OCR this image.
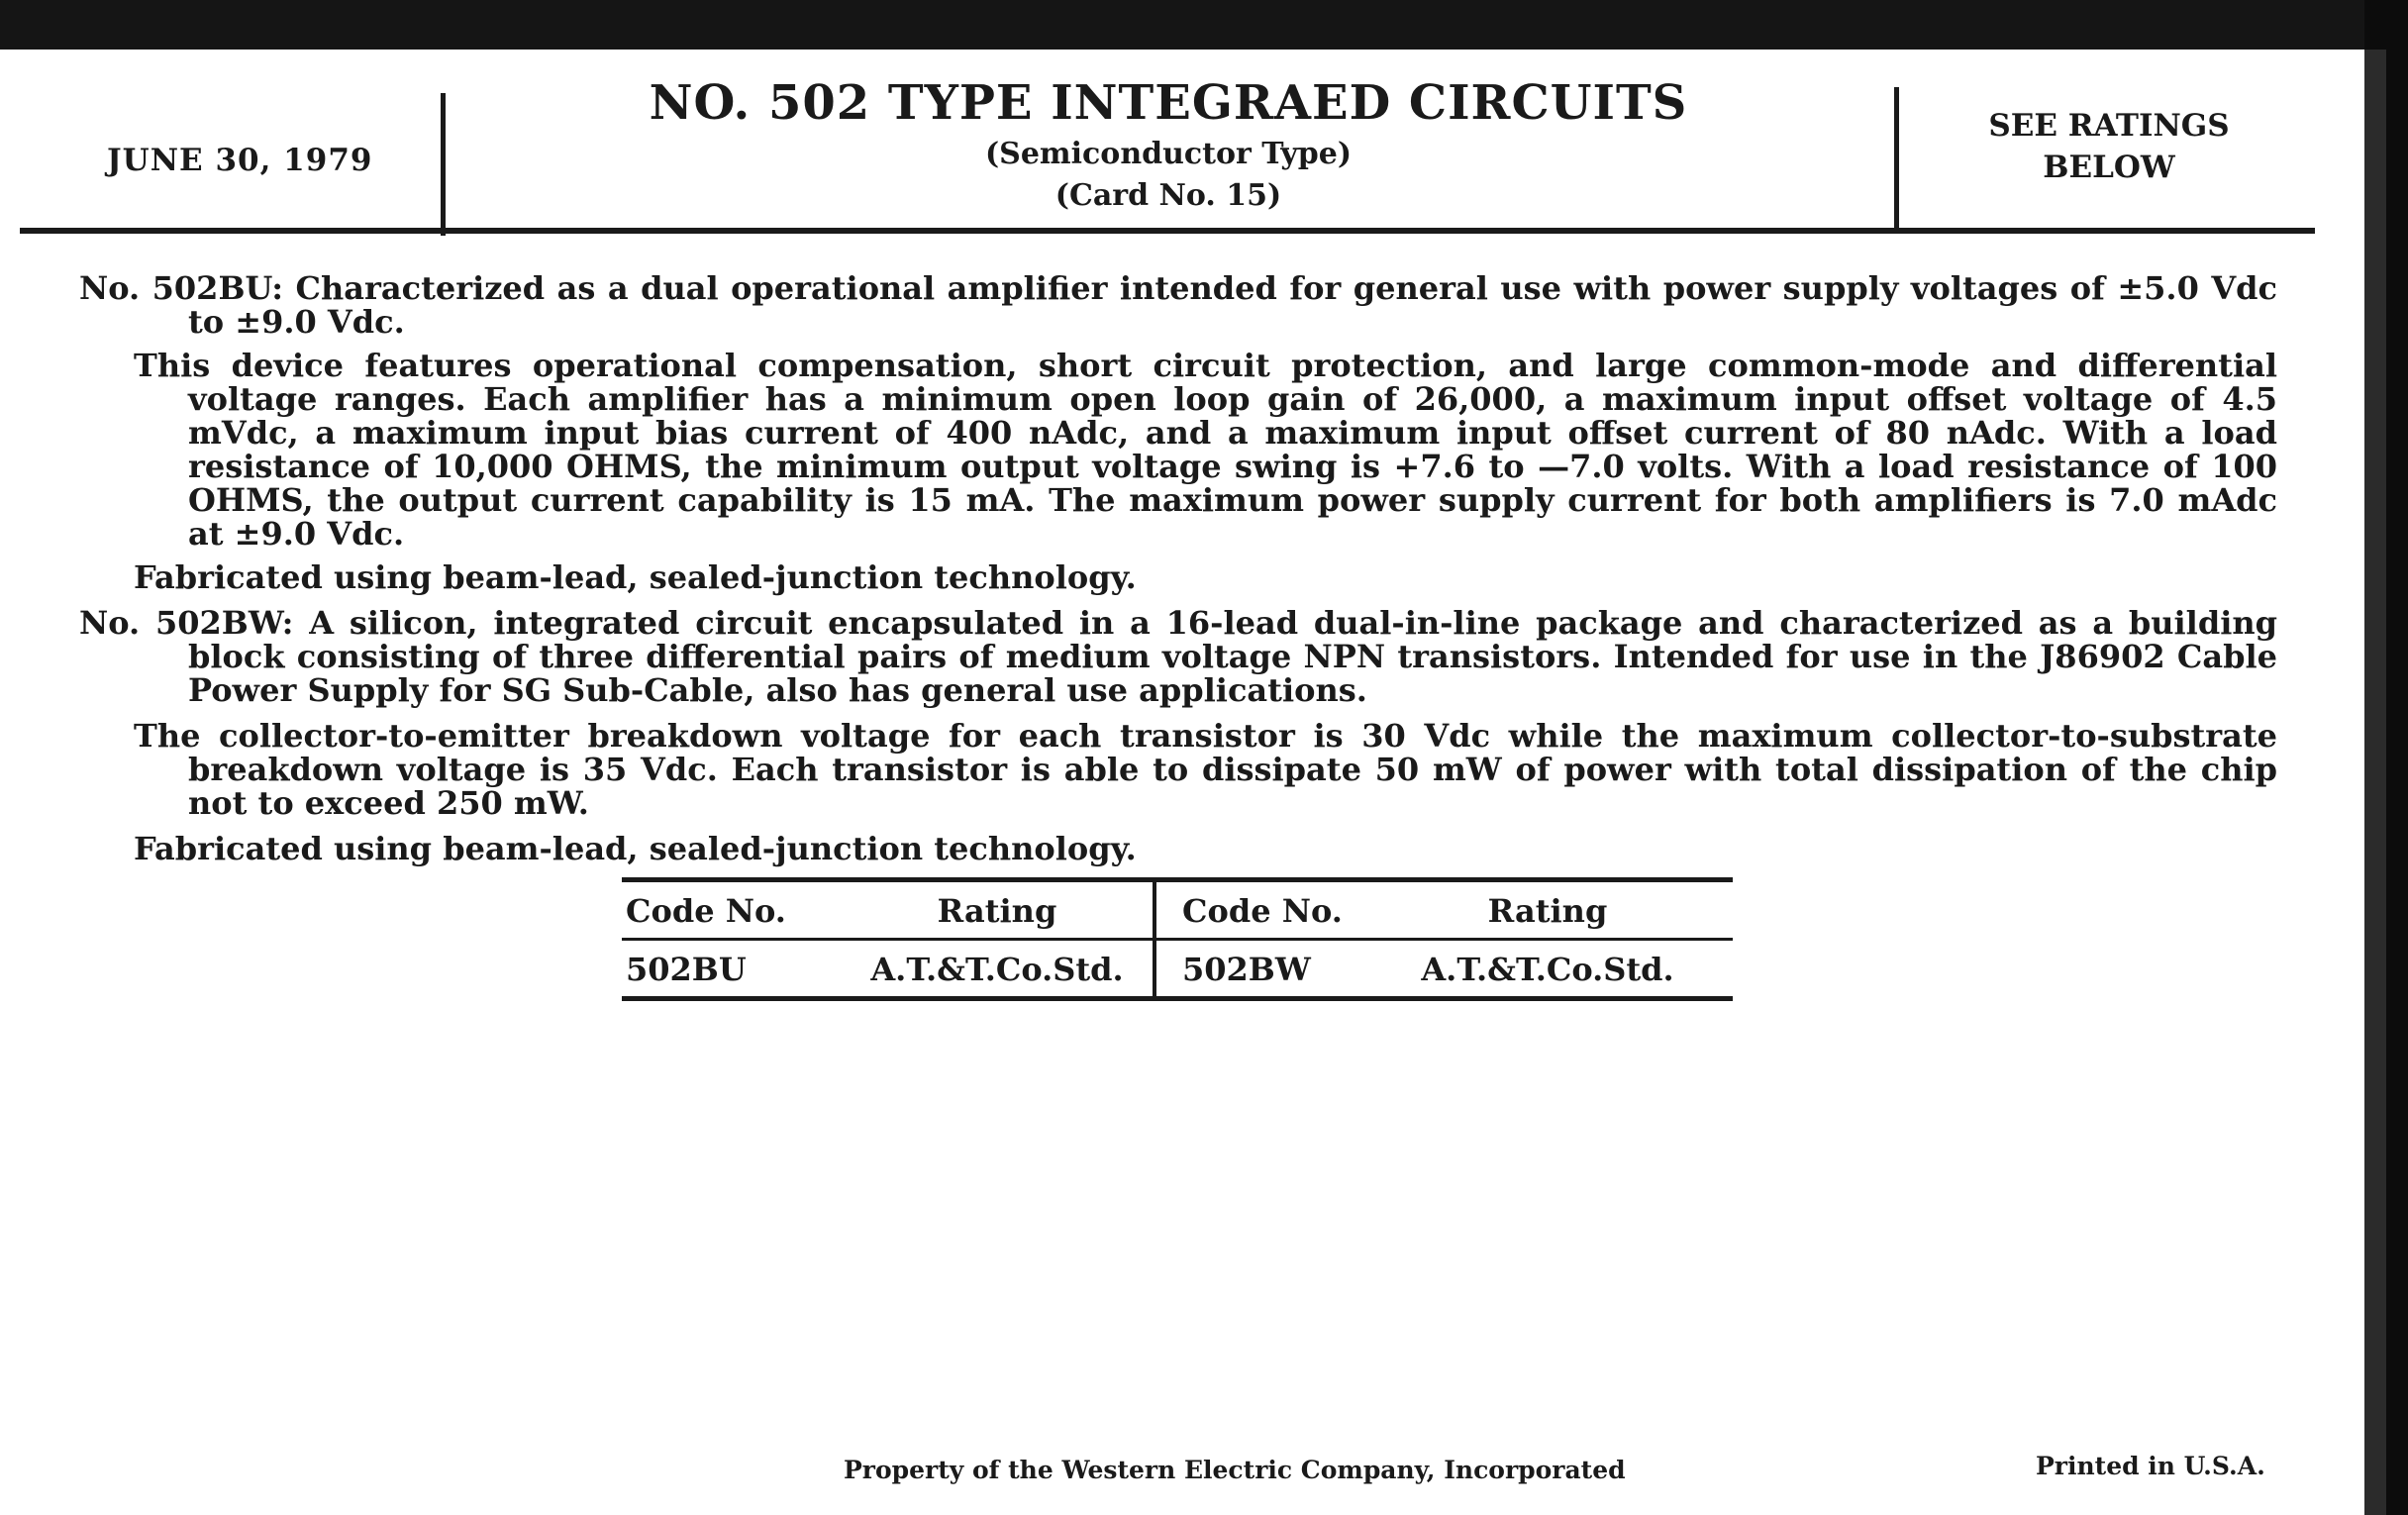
JUNE 30, 1979
NO. 502 TYPE INTEGRAED CIRCUITS
(Semiconductor Type)
(Card No. 15)
SEE RATINGS
BELOW

No. 502BU: Characterized as a dual operational amplifier intended for general use with power supply voltages of ±5.0 Vdc to ±9.0 Vdc.

This device features operational compensation, short circuit protection, and large common-mode and differential voltage ranges. Each amplifier has a minimum open loop gain of 26,000, a maximum input offset voltage of 4.5 mVdc, a maximum input bias current of 400 nAdc, and a maximum input offset current of 80 nAdc. With a load resistance of 10,000 OHMS, the minimum output voltage swing is +7.6 to —7.0 volts. With a load resistance of 100 OHMS, the output current capability is 15 mA. The maximum power supply current for both amplifiers is 7.0 mAdc at ±9.0 Vdc.

Fabricated using beam-lead, sealed-junction technology.

No. 502BW: A silicon, integrated circuit encapsulated in a 16-lead dual-in-line package and characterized as a building block consisting of three differential pairs of medium voltage NPN transistors. Intended for use in the J86902 Cable Power Supply for SG Sub-Cable, also has general use applications.

The collector-to-emitter breakdown voltage for each transistor is 30 Vdc while the maximum collector-to-substrate breakdown voltage is 35 Vdc. Each transistor is able to dissipate 50 mW of power with total dissipation of the chip not to exceed 250 mW.

Fabricated using beam-lead, sealed-junction technology.

Code No.	Rating	Code No.	Rating
502BU	A.T.&T.Co.Std. 502BW	A.T.&T.Co.Std.
Property of the Western Electric Company, Incorporated	Printed in U.S.A.
